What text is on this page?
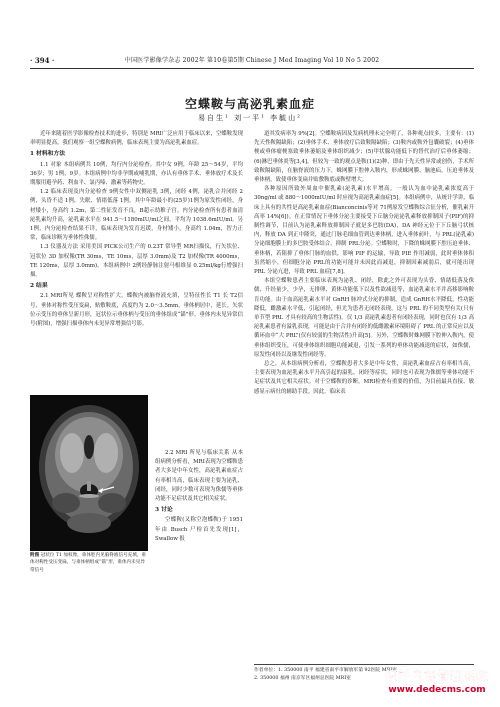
· 394 ·	中国医学影像学杂志 2002年 第10卷第5期 Chinese J Med Imaging Vol 10 No 5 2002
空蝶鞍与高泌乳素血症
易自生¹ 刘一平¹ 李毓山²

近年来随着医学影像检查技术的进步，特别是 MRI广泛应用于临床以来，空蝶鞍发现率明显提高。我们观察一组空蝶鞍病例，临床表现主要为高泌乳素血症。

1 材料和方法

1.1 对象 本组病例共 10例，均行内分泌检查。其中女 9例，年龄 25～54岁，平均 36岁；男 1例，9岁。本组病例中均非孕期或哺乳期，亦认有垂体手术、垂体放疗术及长期服用避孕药、利血平、氯丙嗪、激素等药物史。

1.2 临床表现及内分泌检查 9例女性中双侧泌乳 3例，闭经 4例，泌乳合并闭经 2例，头昏不适 1例，失眠、情绪低落 1例。其中年龄最小的(25岁)1例为原发性闭经，身材矮小，身高约 1.2m，第二性征发育不良，B超示幼稚子宫。内分泌检查所有患者血清泌乳素均升高，泌乳素水平在 941.5～1180mIU/ml之间，平均为 1038.6mIU/ml。另 1例，内分泌检查结果不详，临床表现为发育迟缓，身材矮小，身高约 1.04m，智力正常，临床诊断为垂体性侏儒。

1.3 仪器及方法 采用美国 PICK公司生产的 0.23T 常导型 MR扫描仪，行矢状位、冠状位 3D 加权像(TR 30ms，TE 10ms，层厚 3.0mm)及 T2 加权像(TR 4000ms，TE 120ms，层厚 3.0mm)。本组病例中 2例经静脉注射马根维显 0.25ml/kg行增强扫描。

2 结果

2.1 MRI所见 蝶鞍呈对称性扩大，蝶鞍内被脑脊液充填，呈特征性长 T1 长 T2信号，垂体对称性受压变扁，贴敷鞍底，高度约为 2.0～3.5mm，垂体柄居中，延长。矢状位示受压的垂体呈新月形，冠状位示垂体柄与受压的垂体组成“锚”形。垂体内未见异常信号(附图)，增强扫描垂体内未见异常增强信号影。

附图 冠状位 T1 加权像，垂体腔内见脑脊液信号充填，垂体对称性受压变扁，与垂体柄组成“锚”形，垂体内未见异常信号

2.2 MRI 所见与临床关系 从本组病例分析看，MRI表现为空蝶鞍患者大多是中年女性，高泌乳素血症占有率相当高，临床表现主要为泌乳、闭经，同时少数可表现为侏儒等垂体功能不足症状及其它相关症状。

3 讨论

空蝶鞍(又称空泡蝶鞍)于 1951年由 Busch 尸检首先发现[1]，Swallow 报

道其发病率为 9%[2]。空蝶鞍病因及发病机理未完全明了，各种观点较多，主要有：(1)先天性鞍隔缺陷；(2)垂体手术、垂体放疗后致鞍隔缺陷；(3)鞍内或鞍外包囊破裂；(4)垂体梗或垂体瘤梗塞致垂体萎缩及垂体组织减少；(5)甲状腺功能低下的替代治疗后垂体萎缩；(6)淋巴垂体炎等[3,4]。但较为一致的观点是鞍(1)(2)种，即由于先天性异常或创伤，手术所致鞍隔缺陷，在脑脊液的压力下，蛛网膜下腔伸入鞍内，形成蛛网膜、脑池疝，压迫垂体及垂体柄，致使垂体变扁并贴敷鞍底或鞍壁增大。

各种原因所致外周血中催乳素(泌乳素)水平增高，一般认为血中泌乳素浓度高于 30ng/ml 或 880～1000mIU/ml 时应视为高泌乳素血症[5]。本组病例中，从统计学讲，临床上具有的共性是高泌乳素血症(Bianconcinis等对 71例原发空蝶鞍综合征分析，催乳素升高率 14%[6])。在正常情况下垂体分泌主要接受下丘脑分泌泌乳素释放抑制因子(PIF)的抑制性调节，目前认为泌乳素释放抑制因子就是多巴胺(DA)，DA 神经元位于下丘脑弓状核内，释放 DA 到正中隆突，通过门脉毛细血管到达垂体柄，进入垂体前叶，与 PRL(泌乳素)分泌细胞膜上的多巴胺受体结合，抑制 PRL分泌。空蝶鞍时，下降的蛛网膜下腔压迫垂体、垂体柄，若阻抑了垂体门脉的血供，影响 PIF 的运输，导致 PIE 作用减弱，此时垂体体积虽然缩小，但细胞分泌 PRL的功能可能并未因此而减退，抑制因素减弱后，就可能出现 PRL 分泌亢进，导致 PRL 血症[7,8]。

本组空蝶鞍患者主要临床表现为泌乳、闭经，除此之外可表现为头昏、情绪低落及侏儒、升经量少，少孕，无排卵、黄体功能低下以及性欲减退等，血泌乳素水平并高移影响鞍肯功能。由于血高泌乳素水平对 GnRH 脉冲式分泌的抑制，造成 GnRH水平降低，性功能降低，雌激素水平低，引起闭经，但尤为患者无闭经表现，这与 PRL 的不同类型有关(只有单节型 PRL 才具有较高的生物活性)。仅 1/3 高泌乳素患者有闭经表现，同时也仅有 1/3 高泌乳素患者有溢乳表现，可能是由于合并有闭经的低雌激素环境阻碍了 PRL 的正常反应以及循环血中“大 PRL”(仅有较弱的生物活性)升高[5]。另外，空蝶鞍时蛛网膜下腔伸入鞍内，使垂体组织受压，可使垂体组织细胞功能减退，引发一系列的垂体功能减退的症状，如侏儒，原发性闭经以及继发性闭经等。

总之，从本组病例分析看，空蝶鞍患者大多是中年女性，高泌乳素血症占有率相当高，主要表现为血泌乳素水平升高引起的溢乳、闭经等症状，同时也可表现为侏儒等垂体功能不足症状及其它相关症状。对于空蝶鞍的诊断，MRI检查有重要的价值，为目前最具直接、敏感显示病灶的辅助手段。因此，临床表

作者单位：1. 350000 南平 福建省南平市解放军第 92医院 MRI室
2. 350000 福州 南京军区福州总医院 MRI室	织梦内容管理系统
www.dedecms.com
